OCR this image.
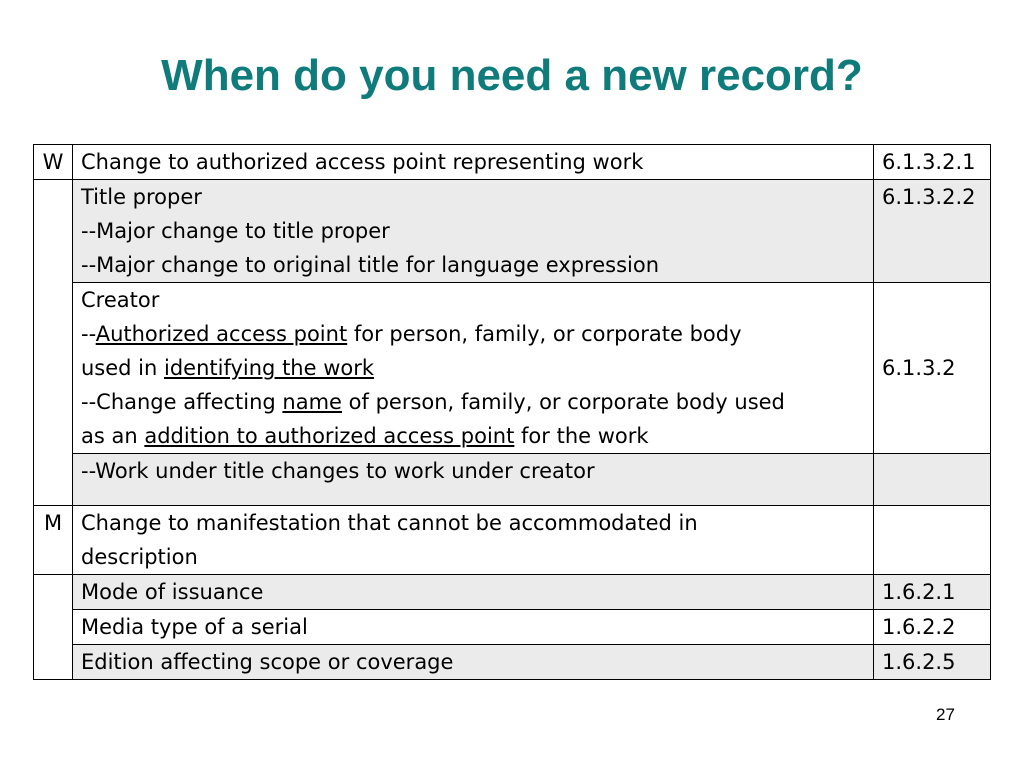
When do you need a new record?
W	Change to authorized access point representing work	6.1.3.2.1

	Title proper
--Major change to title proper
--Major change to original title for language expression	6.1.3.2.2

	Creator
--Authorized access point for person, family, or corporate body
used in identifying the work
--Change affecting name of person, family, or corporate body used
as an addition to authorized access point for the work	6.1.3.2
	--Work under title changes to work under creator	
M	Change to manifestation that cannot be accommodated in
description	

	Mode of issuance	1.6.2.1
	Media type of a serial	1.6.2.2
	Edition affecting scope or coverage	1.6.2.5
27
